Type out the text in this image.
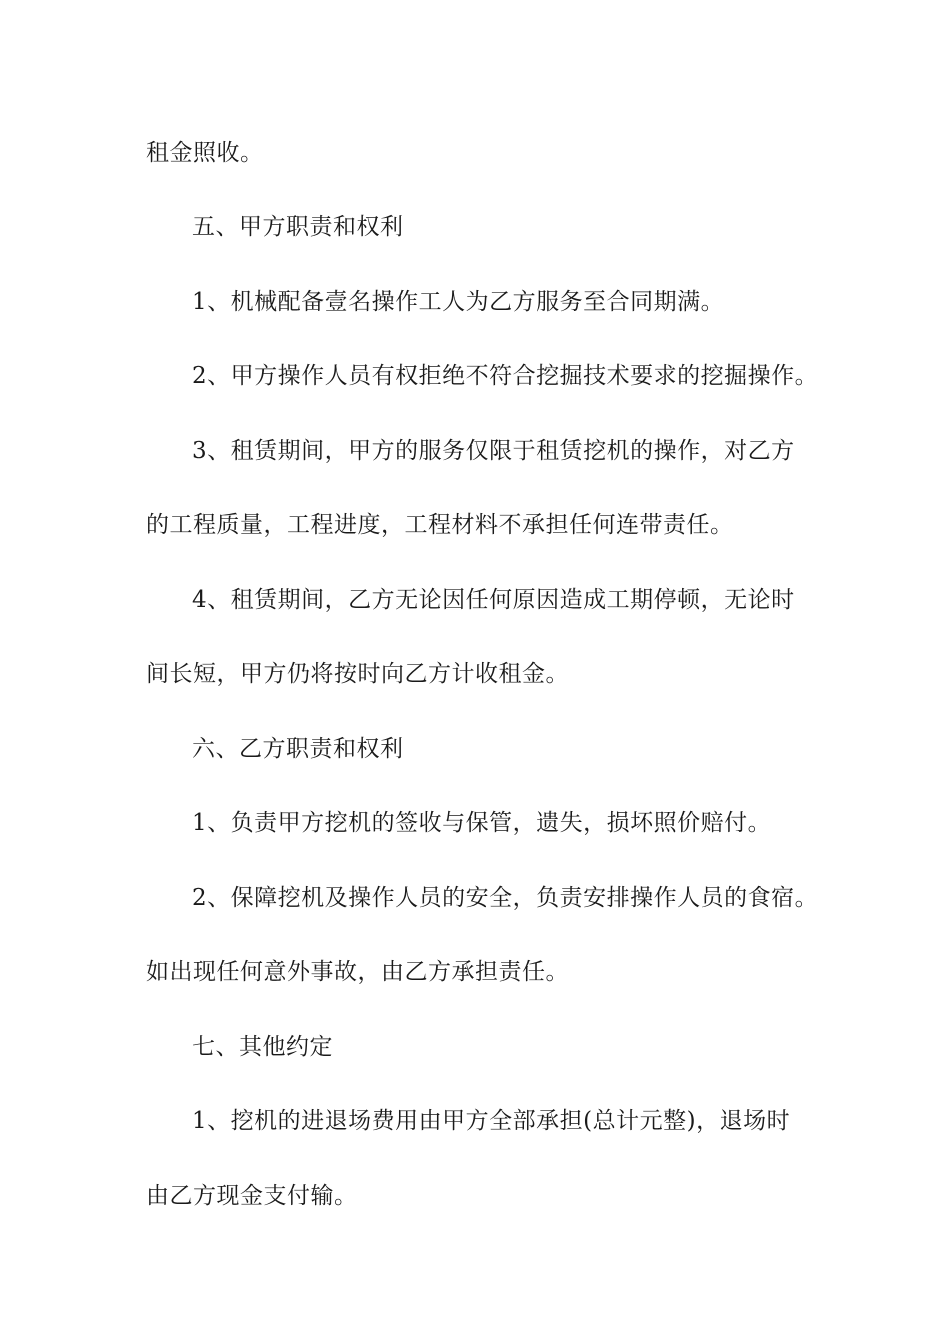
租金照收。
五、甲方职责和权利
1、机械配备壹名操作工人为乙方服务至合同期满。
2、甲方操作人员有权拒绝不符合挖掘技术要求的挖掘操作。
3、租赁期间，甲方的服务仅限于租赁挖机的操作，对乙方
的工程质量，工程进度，工程材料不承担任何连带责任。
4、租赁期间，乙方无论因任何原因造成工期停顿，无论时
间长短，甲方仍将按时向乙方计收租金。
六、乙方职责和权利
1、负责甲方挖机的签收与保管，遗失，损坏照价赔付。
2、保障挖机及操作人员的安全，负责安排操作人员的食宿。
如出现任何意外事故，由乙方承担责任。
七、其他约定
1、挖机的进退场费用由甲方全部承担(总计元整)，退场时
由乙方现金支付输。
